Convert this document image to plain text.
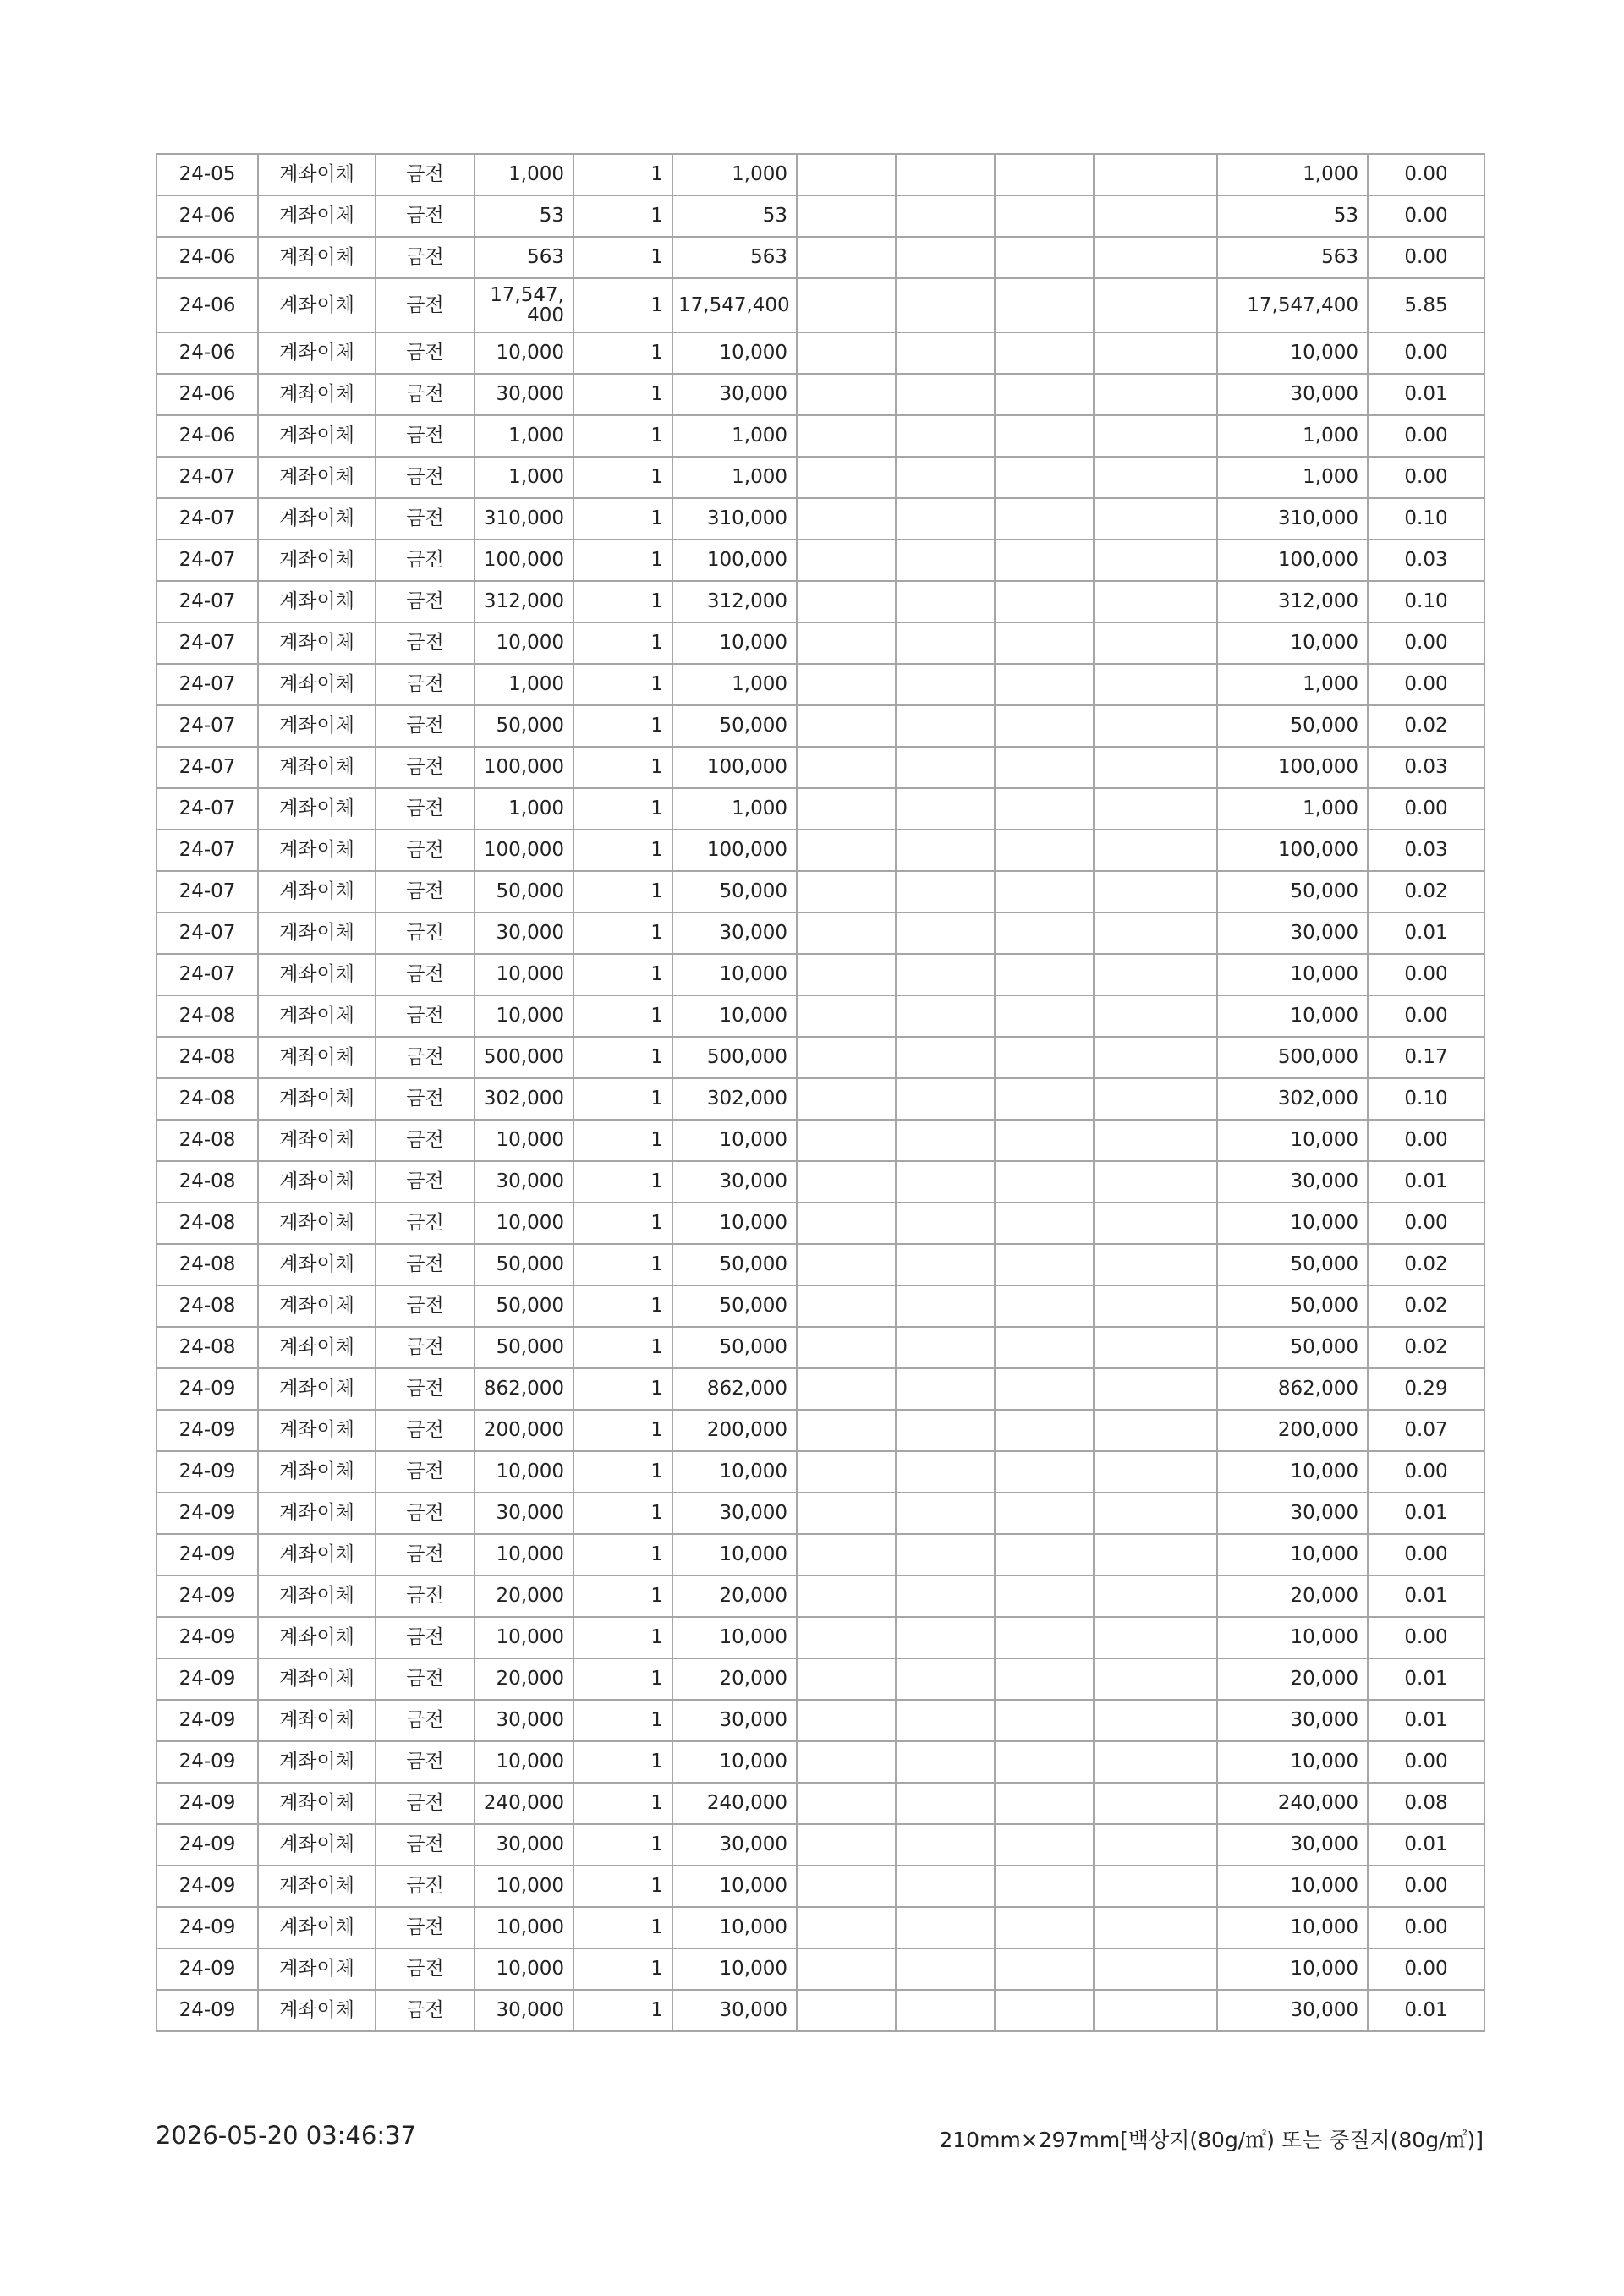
24-05	계좌이체	금전	1,000	1	1,000					1,000	0.00
24-06	계좌이체	금전	53	1	53					53	0.00
24-06	계좌이체	금전	563	1	563					563	0.00
24-06	계좌이체	금전	17,547,400	1	17,547,400					17,547,400	5.85
24-06	계좌이체	금전	10,000	1	10,000					10,000	0.00
24-06	계좌이체	금전	30,000	1	30,000					30,000	0.01
24-06	계좌이체	금전	1,000	1	1,000					1,000	0.00
24-07	계좌이체	금전	1,000	1	1,000					1,000	0.00
24-07	계좌이체	금전	310,000	1	310,000					310,000	0.10
24-07	계좌이체	금전	100,000	1	100,000					100,000	0.03
24-07	계좌이체	금전	312,000	1	312,000					312,000	0.10
24-07	계좌이체	금전	10,000	1	10,000					10,000	0.00
24-07	계좌이체	금전	1,000	1	1,000					1,000	0.00
24-07	계좌이체	금전	50,000	1	50,000					50,000	0.02
24-07	계좌이체	금전	100,000	1	100,000					100,000	0.03
24-07	계좌이체	금전	1,000	1	1,000					1,000	0.00
24-07	계좌이체	금전	100,000	1	100,000					100,000	0.03
24-07	계좌이체	금전	50,000	1	50,000					50,000	0.02
24-07	계좌이체	금전	30,000	1	30,000					30,000	0.01
24-07	계좌이체	금전	10,000	1	10,000					10,000	0.00
24-08	계좌이체	금전	10,000	1	10,000					10,000	0.00
24-08	계좌이체	금전	500,000	1	500,000					500,000	0.17
24-08	계좌이체	금전	302,000	1	302,000					302,000	0.10
24-08	계좌이체	금전	10,000	1	10,000					10,000	0.00
24-08	계좌이체	금전	30,000	1	30,000					30,000	0.01
24-08	계좌이체	금전	10,000	1	10,000					10,000	0.00
24-08	계좌이체	금전	50,000	1	50,000					50,000	0.02
24-08	계좌이체	금전	50,000	1	50,000					50,000	0.02
24-08	계좌이체	금전	50,000	1	50,000					50,000	0.02
24-09	계좌이체	금전	862,000	1	862,000					862,000	0.29
24-09	계좌이체	금전	200,000	1	200,000					200,000	0.07
24-09	계좌이체	금전	10,000	1	10,000					10,000	0.00
24-09	계좌이체	금전	30,000	1	30,000					30,000	0.01
24-09	계좌이체	금전	10,000	1	10,000					10,000	0.00
24-09	계좌이체	금전	20,000	1	20,000					20,000	0.01
24-09	계좌이체	금전	10,000	1	10,000					10,000	0.00
24-09	계좌이체	금전	20,000	1	20,000					20,000	0.01
24-09	계좌이체	금전	30,000	1	30,000					30,000	0.01
24-09	계좌이체	금전	10,000	1	10,000					10,000	0.00
24-09	계좌이체	금전	240,000	1	240,000					240,000	0.08
24-09	계좌이체	금전	30,000	1	30,000					30,000	0.01
24-09	계좌이체	금전	10,000	1	10,000					10,000	0.00
24-09	계좌이체	금전	10,000	1	10,000					10,000	0.00
24-09	계좌이체	금전	10,000	1	10,000					10,000	0.00
24-09	계좌이체	금전	30,000	1	30,000					30,000	0.01
2026-05-20 03:46:37	210mm×297mm[백상지(80g/㎡) 또는 중질지(80g/㎡)]
